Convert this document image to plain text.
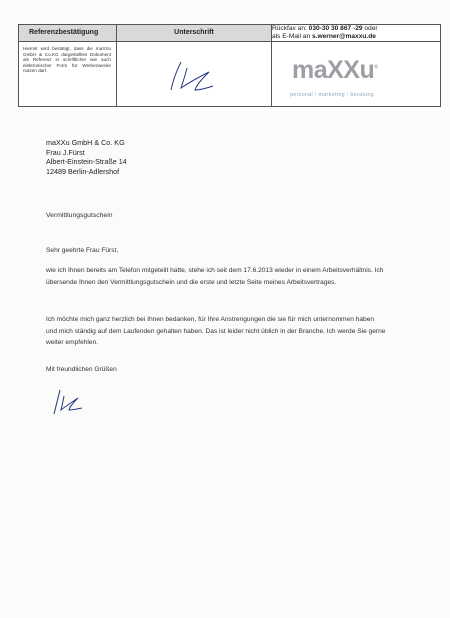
Referenzbestätigung	Unterschrift	Rückfax an: 030-30 30 867 -29 oder
als E-Mail an s.werner@maxxu.de

Hiermit wird bestätigt, dass die maXXu GmbH & Co.KG dargestelltes Dokument als Referenz in schriftlicher wie auch elektronischer Form für Werbezwecke nutzen darf.		maXXu®
personal | marketing | beratung
maXXu GmbH & Co. KG
Frau J.Fürst
Albert-Einstein-Straße 14
12489 Berlin-Adlershof
Vermittlungsgutschein
Sehr geehrte Frau Fürst,
wie ich Ihnen bereits am Telefon mitgeteilt hatte, stehe ich seit dem 17.6.2013 wieder in einem Arbeitsverhältnis. Ich übersende Ihnen den Vermittlungsgutschein und die erste und letzte Seite meines Arbeitsvertrages.
Ich möchte mich ganz herzlich bei Ihnen bedanken, für Ihre Anstrengungen die sie für mich unternommen haben und mich ständig auf dem Laufenden gehalten haben. Das ist leider nicht üblich in der Branche. Ich werde Sie gerne weiter empfehlen.
Mit freundlichen Grüßen
